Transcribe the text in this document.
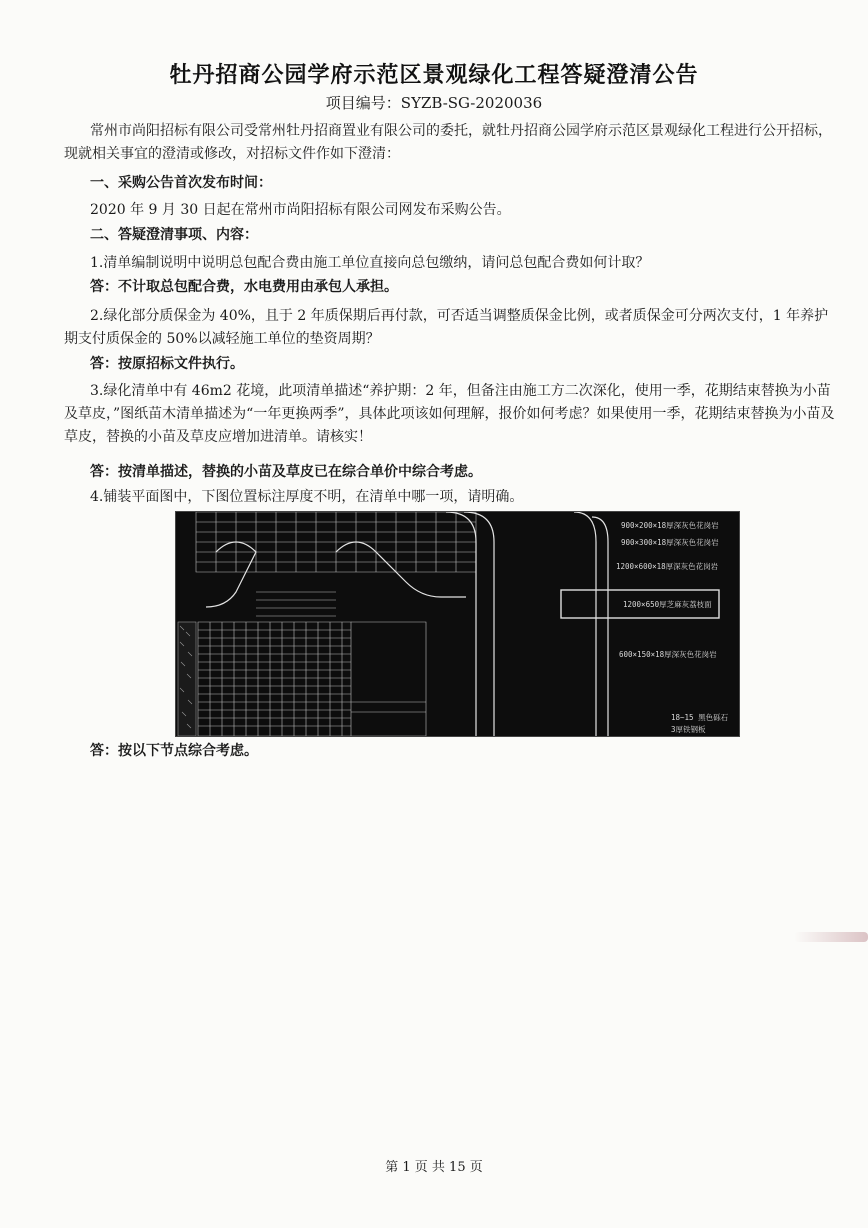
牡丹招商公园学府示范区景观绿化工程答疑澄清公告
项目编号：SYZB-SG-2020036

常州市尚阳招标有限公司受常州牡丹招商置业有限公司的委托，就牡丹招商公园学府示范区景观绿化工程进行公开招标，现就相关事宜的澄清或修改，对招标文件作如下澄清：

一、采购公告首次发布时间：

2020 年 9 月 30 日起在常州市尚阳招标有限公司网发布采购公告。

二、答疑澄清事项、内容：

1.清单编制说明中说明总包配合费由施工单位直接向总包缴纳，请问总包配合费如何计取？

答：不计取总包配合费，水电费用由承包人承担。

2.绿化部分质保金为 40%，且于 2 年质保期后再付款，可否适当调整质保金比例，或者质保金可分两次支付，1 年养护期支付质保金的 50%以减轻施工单位的垫资周期？

答：按原招标文件执行。

3.绿化清单中有 46m2 花境，此项清单描述“养护期：2 年，但备注由施工方二次深化，使用一季，花期结束替换为小苗及草皮，”图纸苗木清单描述为“一年更换两季”，具体此项该如何理解，报价如何考虑？如果使用一季，花期结束替换为小苗及草皮，替换的小苗及草皮应增加进清单。请核实！

答：按清单描述，替换的小苗及草皮已在综合单价中综合考虑。

4.铺装平面图中，下图位置标注厚度不明，在清单中哪一项，请明确。

900×200×18厚深灰色花岗岩
900×300×18厚深灰色花岗岩
1200×600×18厚深灰色花岗岩
1200×650厚芝麻灰荔枝面
600×150×18厚深灰色花岗岩
18~15 黑色砾石
3厚铁钢板

答：按以下节点综合考虑。

第 1 页 共 15 页
